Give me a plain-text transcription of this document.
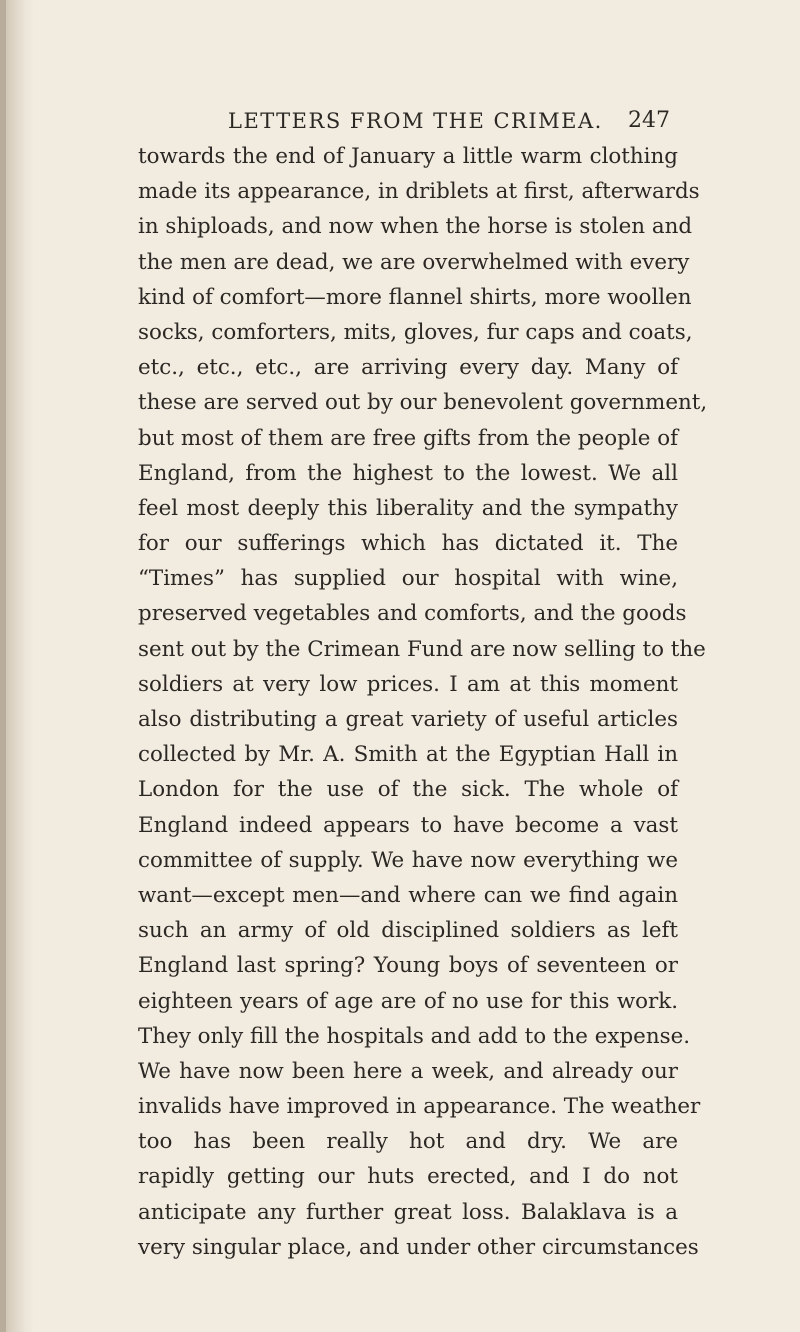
LETTERS FROM THE CRIMEA. 247
towards the end of January a little warm clothing
made its appearance, in driblets at first, afterwards
in shiploads, and now when the horse is stolen and
the men are dead, we are overwhelmed with every
kind of comfort—more flannel shirts, more woollen
socks, comforters, mits, gloves, fur caps and coats,
etc., etc., etc., are arriving every day. Many of
these are served out by our benevolent government,
but most of them are free gifts from the people of
England, from the highest to the lowest. We all
feel most deeply this liberality and the sympathy
for our sufferings which has dictated it. The
“Times” has supplied our hospital with wine,
preserved vegetables and comforts, and the goods
sent out by the Crimean Fund are now selling to the
soldiers at very low prices. I am at this moment
also distributing a great variety of useful articles
collected by Mr. A. Smith at the Egyptian Hall in
London for the use of the sick. The whole of
England indeed appears to have become a vast
committee of supply. We have now everything we
want—except men—and where can we find again
such an army of old disciplined soldiers as left
England last spring? Young boys of seventeen or
eighteen years of age are of no use for this work.
They only fill the hospitals and add to the expense.
We have now been here a week, and already our
invalids have improved in appearance. The weather
too has been really hot and dry. We are
rapidly getting our huts erected, and I do not
anticipate any further great loss. Balaklava is a
very singular place, and under other circumstances
